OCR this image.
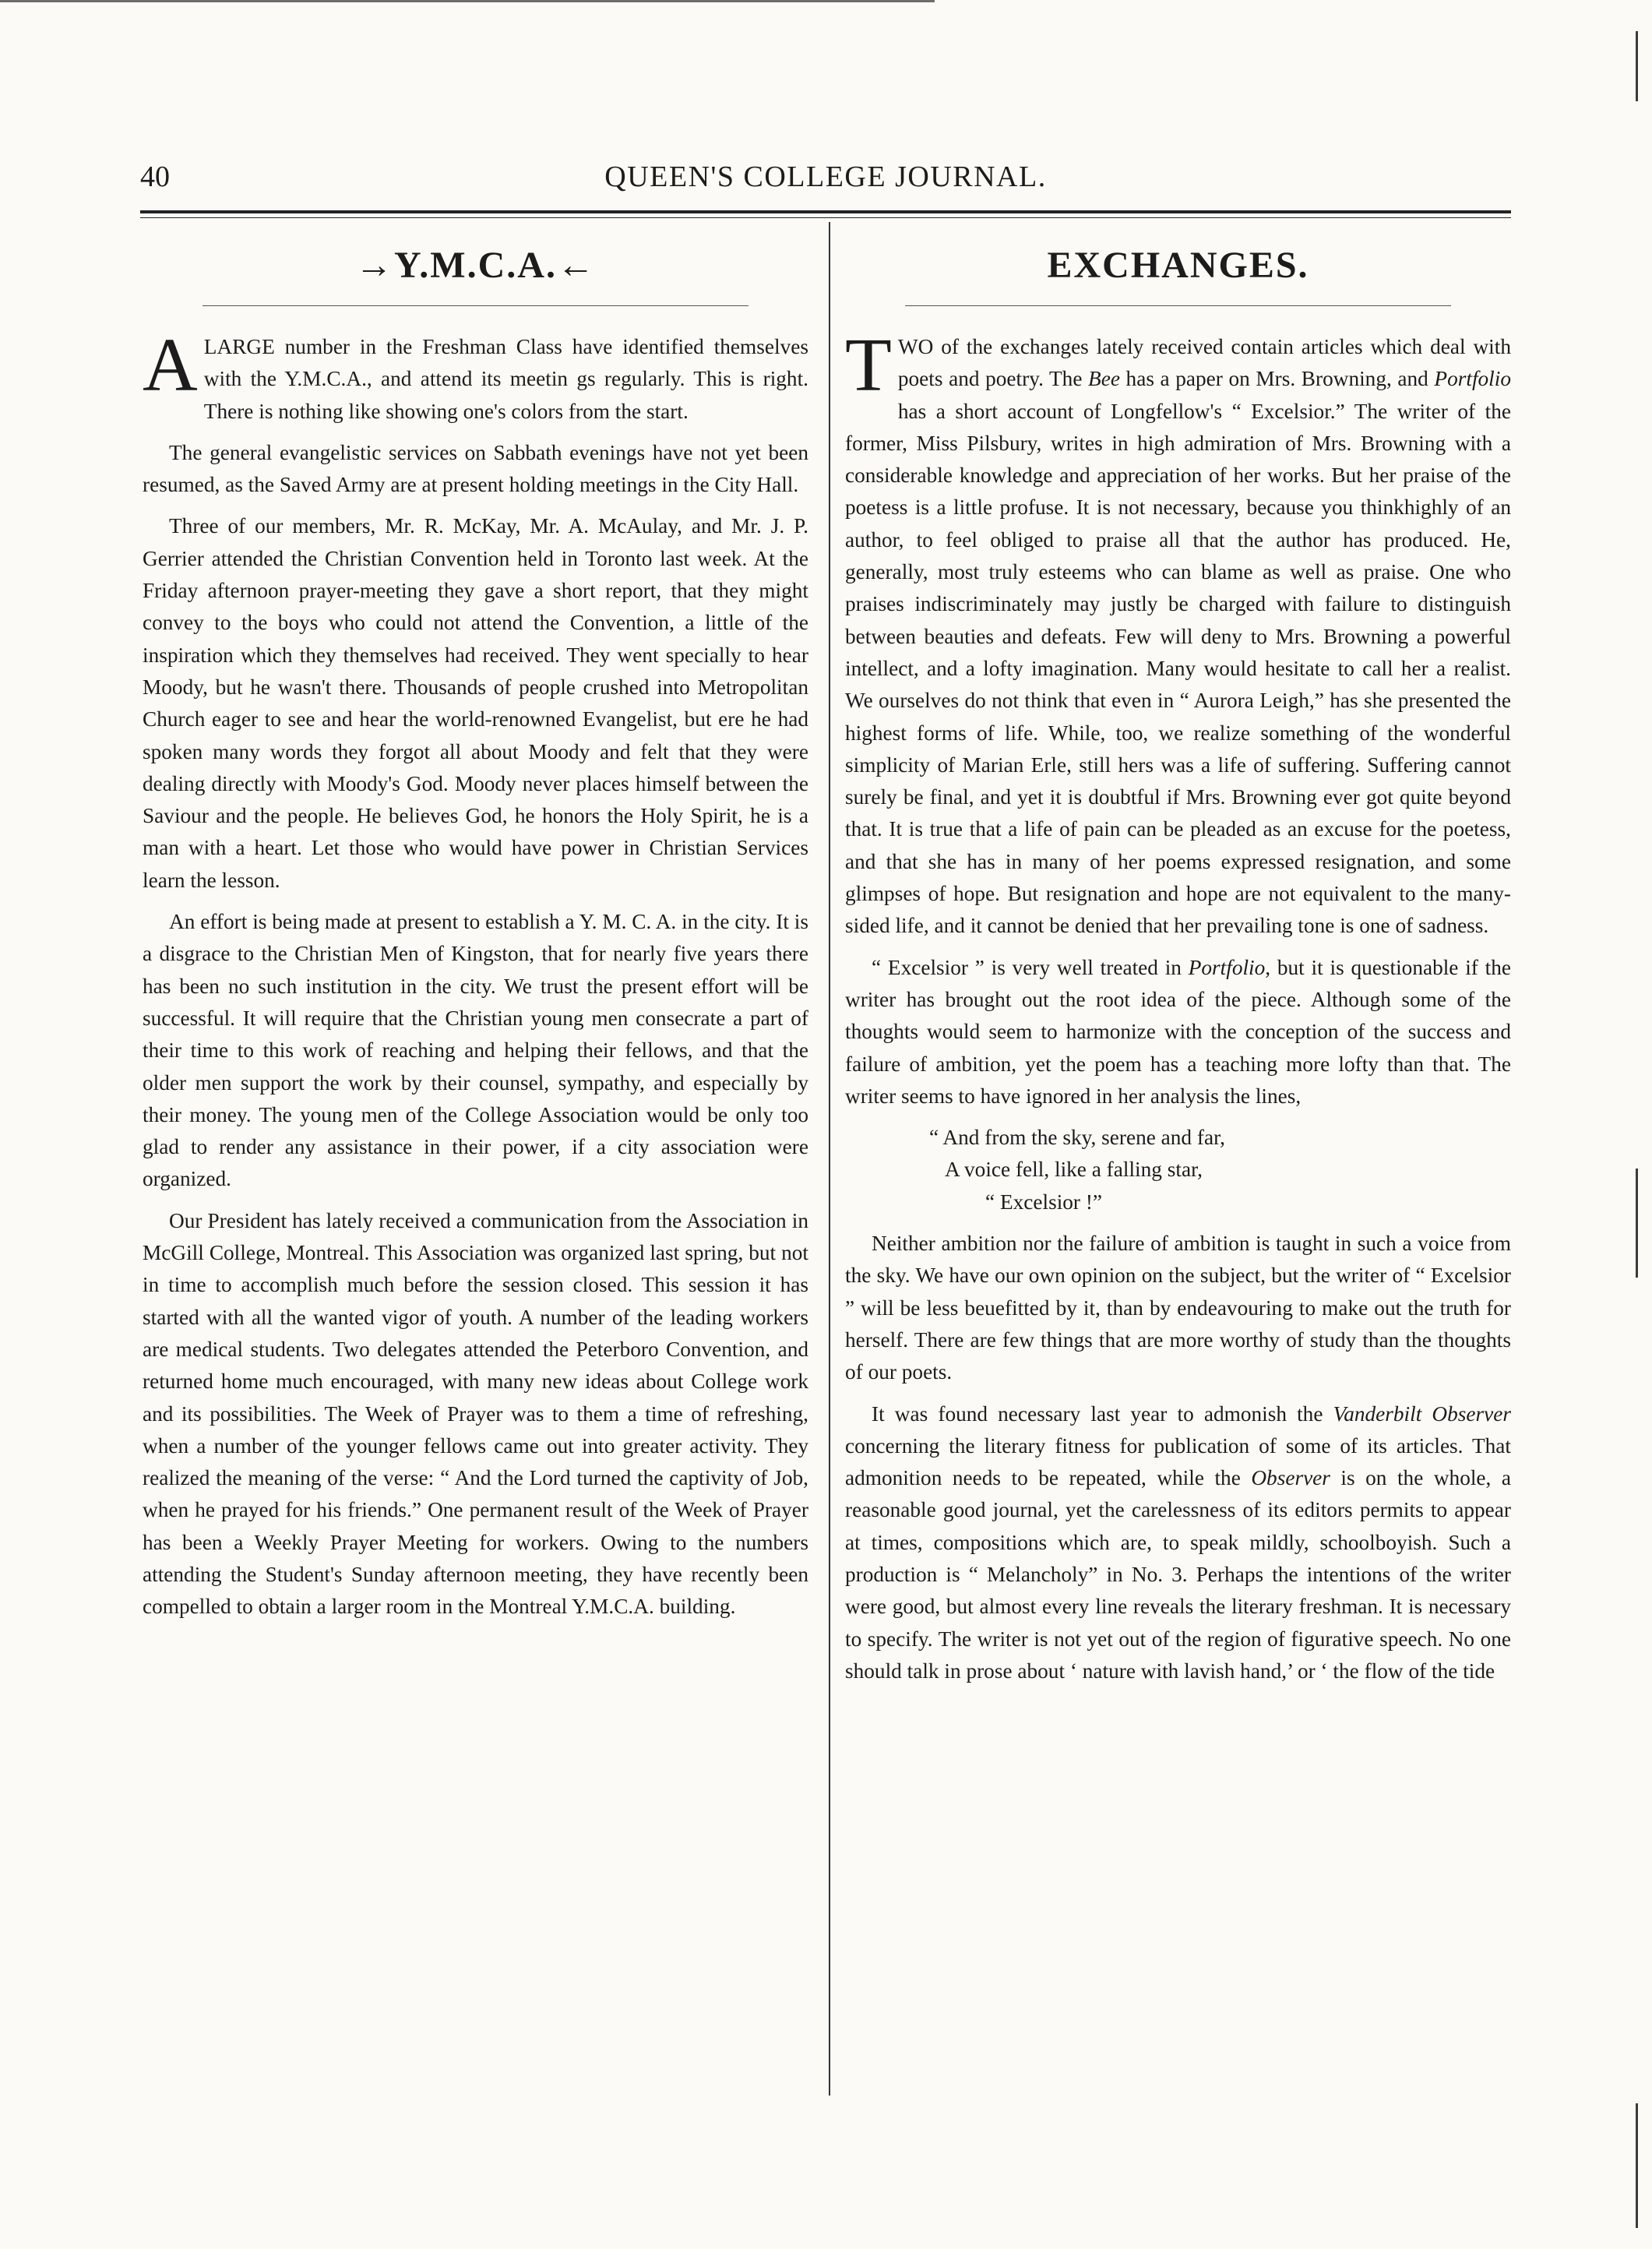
40	QUEEN'S COLLEGE JOURNAL.
→Y.M.C.A.←

A LARGE number in the Freshman Class have identified themselves with the Y.M.C.A., and attend its meetin gs regularly. This is right. There is nothing like showing one's colors from the start.

The general evangelistic services on Sabbath evenings have not yet been resumed, as the Saved Army are at present holding meetings in the City Hall.

Three of our members, Mr. R. McKay, Mr. A. McAulay, and Mr. J. P. Gerrier attended the Christian Convention held in Toronto last week. At the Friday afternoon prayer-meeting they gave a short report, that they might convey to the boys who could not attend the Convention, a little of the inspiration which they themselves had received. They went specially to hear Moody, but he wasn't there. Thousands of people crushed into Metropolitan Church eager to see and hear the world-renowned Evangelist, but ere he had spoken many words they forgot all about Moody and felt that they were dealing directly with Moody's God. Moody never places himself between the Saviour and the people. He believes God, he honors the Holy Spirit, he is a man with a heart. Let those who would have power in Christian Services learn the lesson.

An effort is being made at present to establish a Y. M. C. A. in the city. It is a disgrace to the Christian Men of Kingston, that for nearly five years there has been no such institution in the city. We trust the present effort will be successful. It will require that the Christian young men consecrate a part of their time to this work of reaching and helping their fellows, and that the older men support the work by their counsel, sympathy, and especially by their money. The young men of the College Association would be only too glad to render any assistance in their power, if a city association were organized.

Our President has lately received a communication from the Association in McGill College, Montreal. This Association was organized last spring, but not in time to accomplish much before the session closed. This session it has started with all the wanted vigor of youth. A number of the leading workers are medical students. Two delegates attended the Peterboro Convention, and returned home much encouraged, with many new ideas about College work and its possibilities. The Week of Prayer was to them a time of refreshing, when a number of the younger fellows came out into greater activity. They realized the meaning of the verse: “ And the Lord turned the captivity of Job, when he prayed for his friends.” One permanent result of the Week of Prayer has been a Weekly Prayer Meeting for workers. Owing to the numbers attending the Student's Sunday afternoon meeting, they have recently been compelled to obtain a larger room in the Montreal Y.M.C.A. building.

EXCHANGES.

TWO of the exchanges lately received contain articles which deal with poets and poetry. The Bee has a paper on Mrs. Browning, and Portfolio has a short account of Longfellow's “ Excelsior.” The writer of the former, Miss Pilsbury, writes in high admiration of Mrs. Browning with a considerable knowledge and appreciation of her works. But her praise of the poetess is a little profuse. It is not necessary, because you thinkhighly of an author, to feel obliged to praise all that the author has produced. He, generally, most truly esteems who can blame as well as praise. One who praises indiscriminately may justly be charged with failure to distinguish between beauties and defeats. Few will deny to Mrs. Browning a powerful intellect, and a lofty imagination. Many would hesitate to call her a realist. We ourselves do not think that even in “ Aurora Leigh,” has she presented the highest forms of life. While, too, we realize something of the wonderful simplicity of Marian Erle, still hers was a life of suffering. Suffering cannot surely be final, and yet it is doubtful if Mrs. Browning ever got quite beyond that. It is true that a life of pain can be pleaded as an excuse for the poetess, and that she has in many of her poems expressed resignation, and some glimpses of hope. But resignation and hope are not equivalent to the many-sided life, and it cannot be denied that her prevailing tone is one of sadness.

“ Excelsior ” is very well treated in Portfolio, but it is questionable if the writer has brought out the root idea of the piece. Although some of the thoughts would seem to harmonize with the conception of the success and failure of ambition, yet the poem has a teaching more lofty than that. The writer seems to have ignored in her analysis the lines,

“ And from the sky, serene and far,
A voice fell, like a falling star,
“ Excelsior !”

Neither ambition nor the failure of ambition is taught in such a voice from the sky. We have our own opinion on the subject, but the writer of “ Excelsior ” will be less beuefitted by it, than by endeavouring to make out the truth for herself. There are few things that are more worthy of study than the thoughts of our poets.

It was found necessary last year to admonish the Vanderbilt Observer concerning the literary fitness for publication of some of its articles. That admonition needs to be repeated, while the Observer is on the whole, a reasonable good journal, yet the carelessness of its editors permits to appear at times, compositions which are, to speak mildly, schoolboyish. Such a production is “ Melancholy” in No. 3. Perhaps the intentions of the writer were good, but almost every line reveals the literary freshman. It is necessary to specify. The writer is not yet out of the region of figurative speech. No one should talk in prose about ‘ nature with lavish hand,’ or ‘ the flow of the tide
